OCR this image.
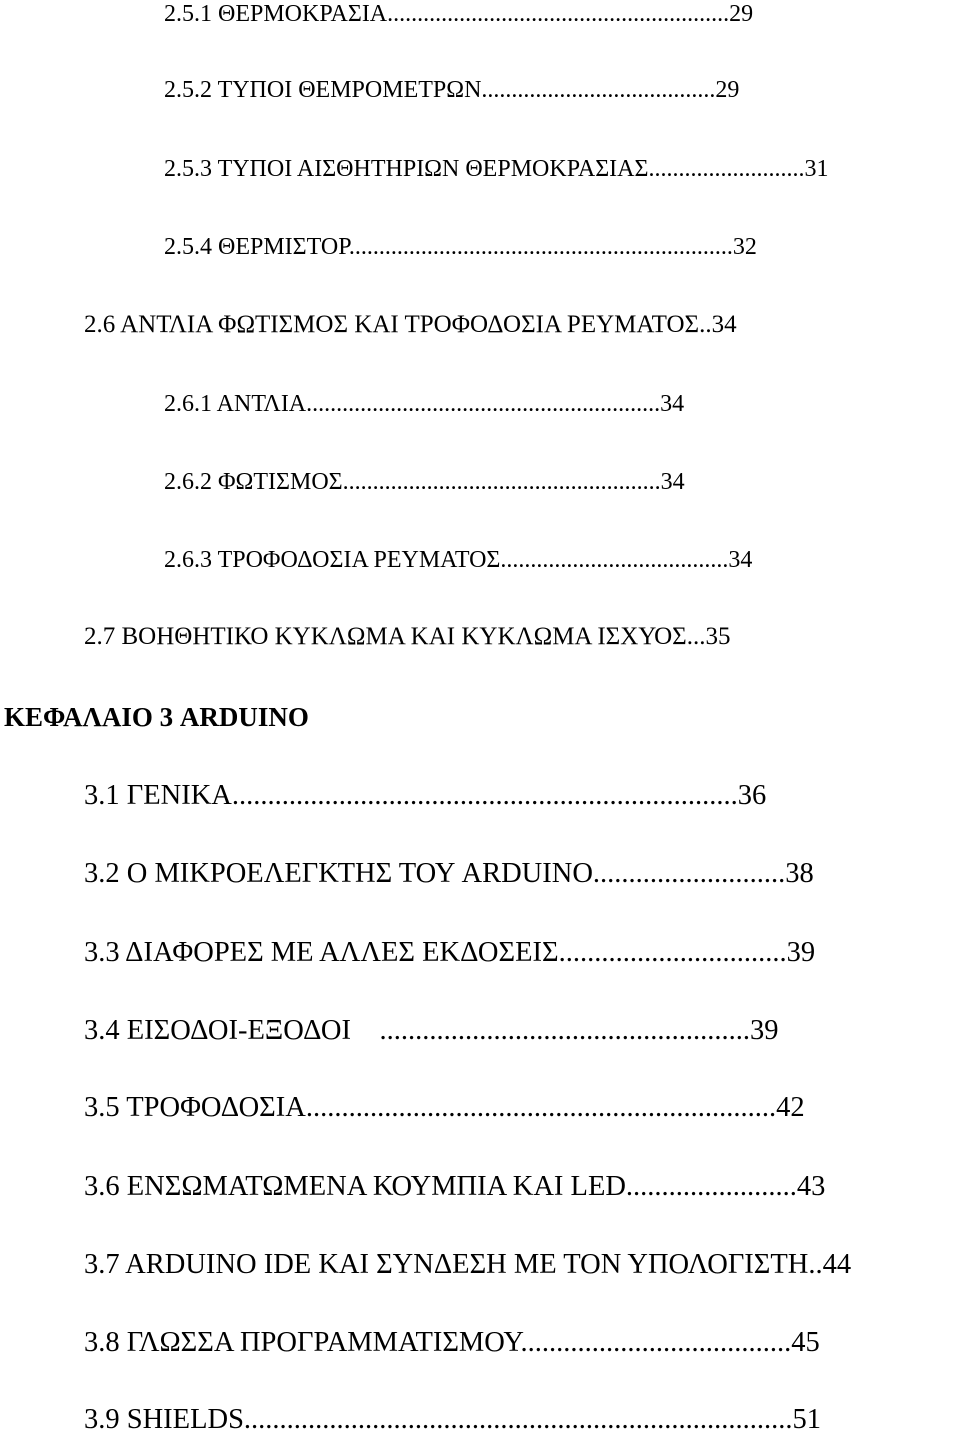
2.5.1 ΘΕΡΜΟΚΡΑΣΙΑ.........................................................29
2.5.2 ΤΥΠΟΙ ΘΕΜΡΟΜΕΤΡΩΝ.......................................29
2.5.3 ΤΥΠΟΙ ΑΙΣΘΗΤΗΡΙΩΝ ΘΕΡΜΟΚΡΑΣΙΑΣ..........................31
2.5.4 ΘΕΡΜΙΣΤΟΡ................................................................32
2.6 ΑΝΤΛΙΑ ΦΩΤΙΣΜΟΣ ΚΑΙ ΤΡΟΦΟΔΟΣΙΑ ΡΕΥΜΑΤΟΣ..34
2.6.1 ΑΝΤΛΙΑ...........................................................34
2.6.2 ΦΩΤΙΣΜΟΣ.....................................................34
2.6.3 ΤΡΟΦΟΔΟΣΙΑ ΡΕΥΜΑΤΟΣ......................................34
2.7 ΒΟΗΘΗΤΙΚΟ ΚΥΚΛΩΜΑ ΚΑΙ ΚΥΚΛΩΜΑ ΙΣΧΥΟΣ...35
ΚΕΦΑΛΑΙΟ 3 ARDUINO
3.1 ΓΕΝΙΚΑ.......................................................................36
3.2 Ο ΜΙΚΡΟΕΛΕΓΚΤΗΣ ΤΟΥ ARDUINO...........................38
3.3 ΔΙΑΦΟΡΕΣ ΜΕ ΑΛΛΕΣ ΕΚΔΟΣΕΙΣ................................39
3.4 ΕΙΣΟΔΟΙ-ΕΞΟΔΟΙ    ....................................................39
3.5 ΤΡΟΦΟΔΟΣΙΑ..................................................................42
3.6 ΕΝΣΩΜΑΤΩΜΕΝΑ ΚΟΥΜΠΙΑ ΚΑΙ LED........................43
3.7 ARDUINO IDE ΚΑΙ ΣΥΝΔΕΣΗ ΜΕ ΤΟΝ ΥΠΟΛΟΓΙΣΤΗ..44
3.8 ΓΛΩΣΣΑ ΠΡΟΓΡΑΜΜΑΤΙΣΜΟΥ......................................45
3.9 SHIELDS.............................................................................51
